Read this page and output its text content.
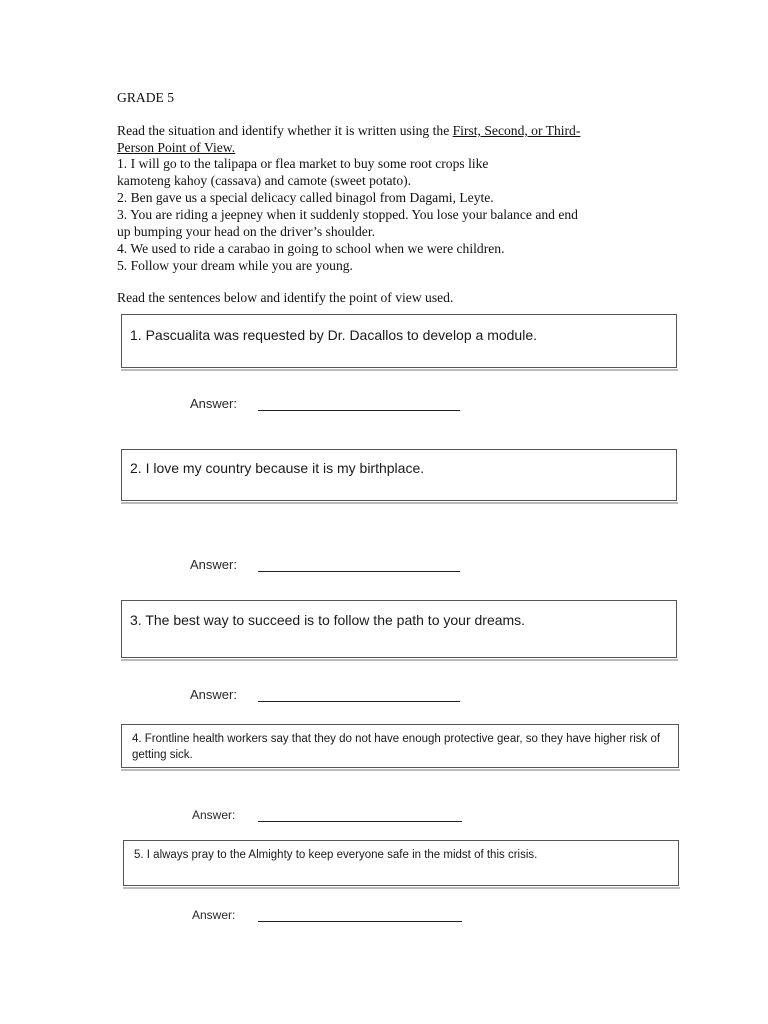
GRADE 5
Read the situation and identify whether it is written using the First, Second, or Third-
Person Point of View.
1. I will go to the talipapa or flea market to buy some root crops like
kamoteng kahoy (cassava) and camote (sweet potato).
2. Ben gave us a special delicacy called binagol from Dagami, Leyte.
3. You are riding a jeepney when it suddenly stopped. You lose your balance and end
up bumping your head on the driver’s shoulder.
4. We used to ride a carabao in going to school when we were children.
5. Follow your dream while you are young.
Read the sentences below and identify the point of view used.
1. Pascualita was requested by Dr. Dacallos to develop a module.
Answer:
2. I love my country because it is my birthplace.
Answer:
3. The best way to succeed is to follow the path to your dreams.
Answer:
4. Frontline health workers say that they do not have enough protective gear, so they have higher risk of getting sick.
Answer:
5. I always pray to the Almighty to keep everyone safe in the midst of this crisis.
Answer:
